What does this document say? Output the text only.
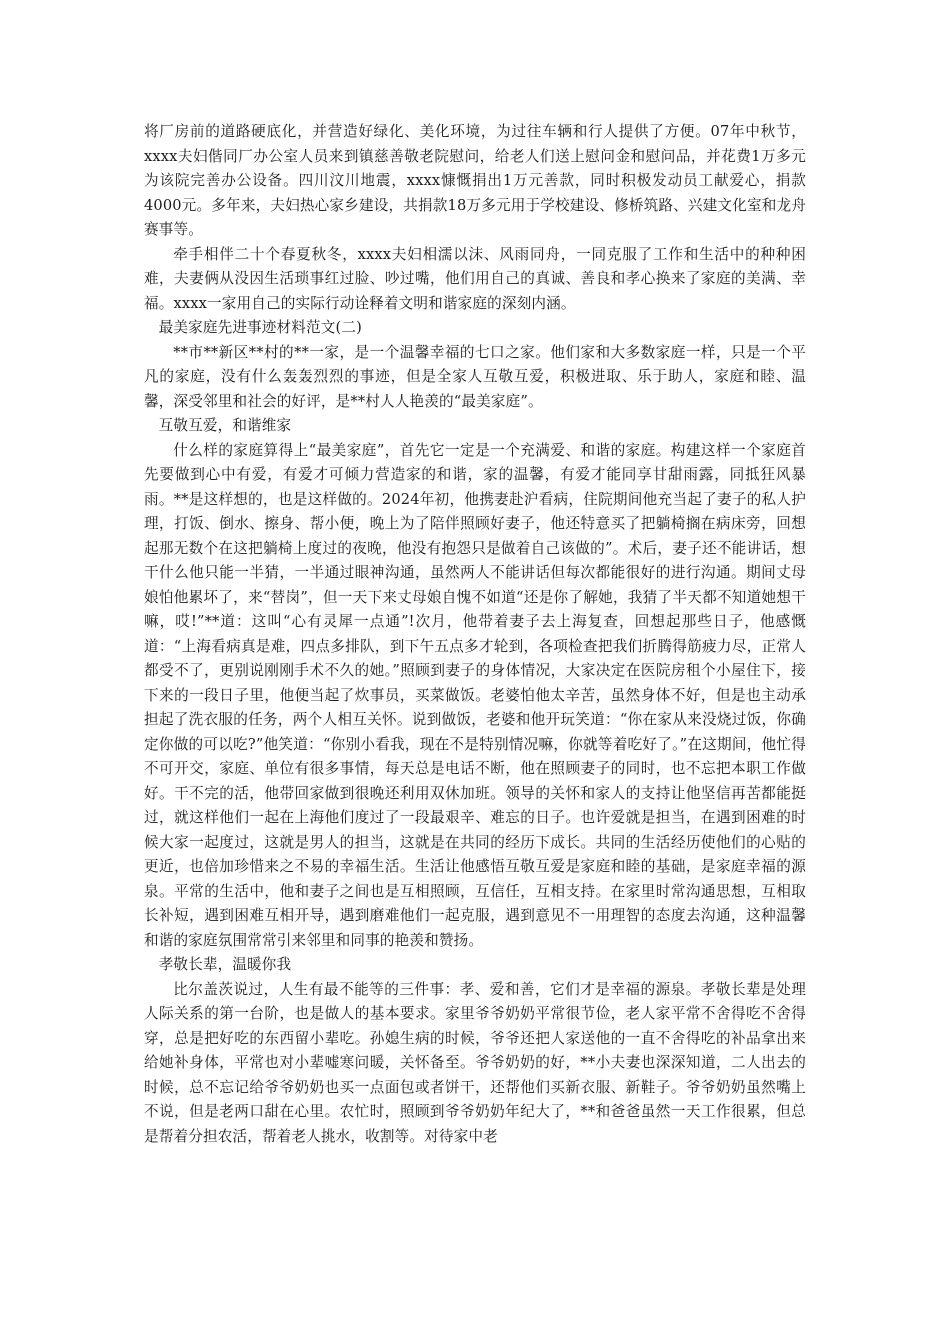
将厂房前的道路硬底化，并营造好绿化、美化环境，为过往车辆和行人提供了方便。07年中秋节，xxxx夫妇偕同厂办公室人员来到镇慈善敬老院慰问，给老人们送上慰问金和慰问品，并花费1万多元为该院完善办公设备。四川汶川地震，xxxx慷慨捐出1万元善款，同时积极发动员工献爱心，捐款4000元。多年来，夫妇热心家乡建设，共捐款18万多元用于学校建设、修桥筑路、兴建文化室和龙舟赛事等。

牵手相伴二十个春夏秋冬，xxxx夫妇相濡以沫、风雨同舟，一同克服了工作和生活中的种种困难，夫妻俩从没因生活琐事红过脸、吵过嘴，他们用自己的真诚、善良和孝心换来了家庭的美满、幸福。xxxx一家用自己的实际行动诠释着文明和谐家庭的深刻内涵。

最美家庭先进事迹材料范文(二)

**市**新区**村的**一家，是一个温馨幸福的七口之家。他们家和大多数家庭一样，只是一个平凡的家庭，没有什么轰轰烈烈的事迹，但是全家人互敬互爱，积极进取、乐于助人，家庭和睦、温馨，深受邻里和社会的好评，是**村人人艳羡的“最美家庭”。

互敬互爱，和谐维家

什么样的家庭算得上“最美家庭”，首先它一定是一个充满爱、和谐的家庭。构建这样一个家庭首先要做到心中有爱，有爱才可倾力营造家的和谐，家的温馨，有爱才能同享甘甜雨露，同抵狂风暴雨。**是这样想的，也是这样做的。2024年初，他携妻赴沪看病，住院期间他充当起了妻子的私人护理，打饭、倒水、擦身、帮小便，晚上为了陪伴照顾好妻子，他还特意买了把躺椅搁在病床旁，回想起那无数个在这把躺椅上度过的夜晚，他没有抱怨只是做着自己该做的”。术后，妻子还不能讲话，想干什么他只能一半猜，一半通过眼神沟通，虽然两人不能讲话但每次都能很好的进行沟通。期间丈母娘怕他累坏了，来“替岗”，但一天下来丈母娘自愧不如道“还是你了解她，我猜了半天都不知道她想干嘛，哎!”**道：这叫“心有灵犀一点通”!次月，他带着妻子去上海复查，回想起那些日子，他感慨道：“上海看病真是难，四点多排队，到下午五点多才轮到，各项检查把我们折腾得筋疲力尽，正常人都受不了，更别说刚刚手术不久的她。”照顾到妻子的身体情况，大家决定在医院房租个小屋住下，接下来的一段日子里，他便当起了炊事员，买菜做饭。老婆怕他太辛苦，虽然身体不好，但是也主动承担起了洗衣服的任务，两个人相互关怀。说到做饭，老婆和他开玩笑道：“你在家从来没烧过饭，你确定你做的可以吃?”他笑道：“你别小看我，现在不是特别情况嘛，你就等着吃好了。”在这期间，他忙得不可开交，家庭、单位有很多事情，每天总是电话不断，他在照顾妻子的同时，也不忘把本职工作做好。干不完的活，他带回家做到很晚还利用双休加班。领导的关怀和家人的支持让他坚信再苦都能挺过，就这样他们一起在上海他们度过了一段最艰辛、难忘的日子。也许爱就是担当，在遇到困难的时候大家一起度过，这就是男人的担当，这就是在共同的经历下成长。共同的生活经历使他们的心贴的更近，也倍加珍惜来之不易的幸福生活。生活让他感悟互敬互爱是家庭和睦的基础，是家庭幸福的源泉。平常的生活中，他和妻子之间也是互相照顾，互信任，互相支持。在家里时常沟通思想，互相取长补短，遇到困难互相开导，遇到磨难他们一起克服，遇到意见不一用理智的态度去沟通，这种温馨和谐的家庭氛围常常引来邻里和同事的艳羡和赞扬。

孝敬长辈，温暖你我

比尔盖茨说过，人生有最不能等的三件事：孝、爱和善，它们才是幸福的源泉。孝敬长辈是处理人际关系的第一台阶，也是做人的基本要求。家里爷爷奶奶平常很节俭，老人家平常不舍得吃不舍得穿，总是把好吃的东西留小辈吃。孙媳生病的时候，爷爷还把人家送他的一直不舍得吃的补品拿出来给她补身体，平常也对小辈嘘寒问暖，关怀备至。爷爷奶奶的好，**小夫妻也深深知道，二人出去的时候，总不忘记给爷爷奶奶也买一点面包或者饼干，还帮他们买新衣服、新鞋子。爷爷奶奶虽然嘴上不说，但是老两口甜在心里。农忙时，照顾到爷爷奶奶年纪大了，**和爸爸虽然一天工作很累，但总是帮着分担农活，帮着老人挑水，收割等。对待家中老
